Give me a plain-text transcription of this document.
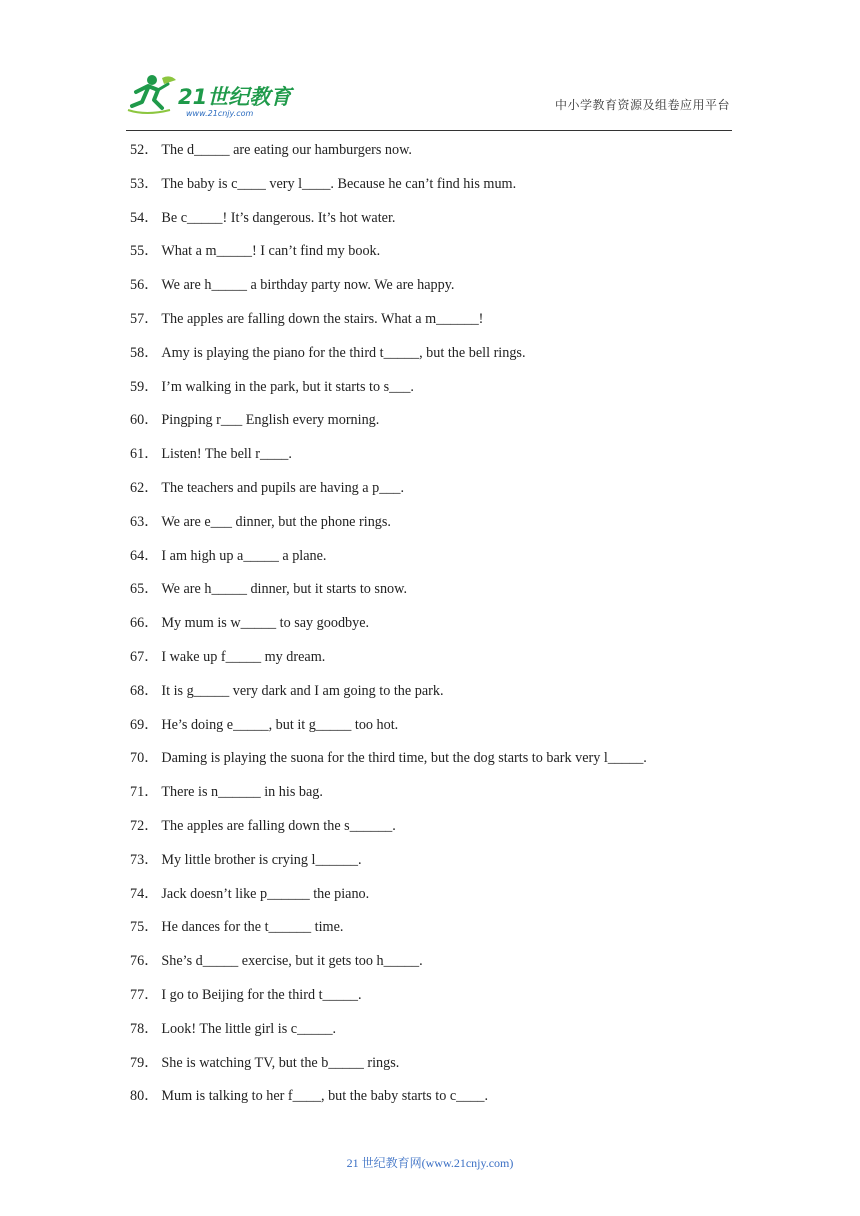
21世纪教育
www.21cnjy.com
中小学教育资源及组卷应用平台
52． The d_____ are eating our hamburgers now.
53． The baby is c____ very l____. Because he can’t find his mum.
54． Be c_____! It’s dangerous. It’s hot water.
55． What a m_____! I can’t find my book.
56． We are h_____ a birthday party now. We are happy.
57． The apples are falling down the stairs. What a m______!
58． Amy is playing the piano for the third t_____, but the bell rings.
59． I’m walking in the park, but it starts to s___.
60． Pingping r___ English every morning.
61． Listen! The bell r____.
62． The teachers and pupils are having a p___.
63． We are e___ dinner, but the phone rings.
64． I am high up a_____ a plane.
65． We are h_____ dinner, but it starts to snow.
66． My mum is w_____ to say goodbye.
67． I wake up f_____ my dream.
68． It is g_____ very dark and I am going to the park.
69． He’s doing e_____, but it g_____ too hot.
70． Daming is playing the suona for the third time, but the dog starts to bark very l_____.
71． There is n______ in his bag.
72． The apples are falling down the s______.
73． My little brother is crying l______.
74． Jack doesn’t like p______ the piano.
75． He dances for the t______ time.
76． She’s d_____ exercise, but it gets too h_____.
77． I go to Beijing for the third t_____.
78． Look! The little girl is c_____.
79． She is watching TV, but the b_____ rings.
80． Mum is talking to her f____, but the baby starts to c____.
21 世纪教育网(www.21cnjy.com)
